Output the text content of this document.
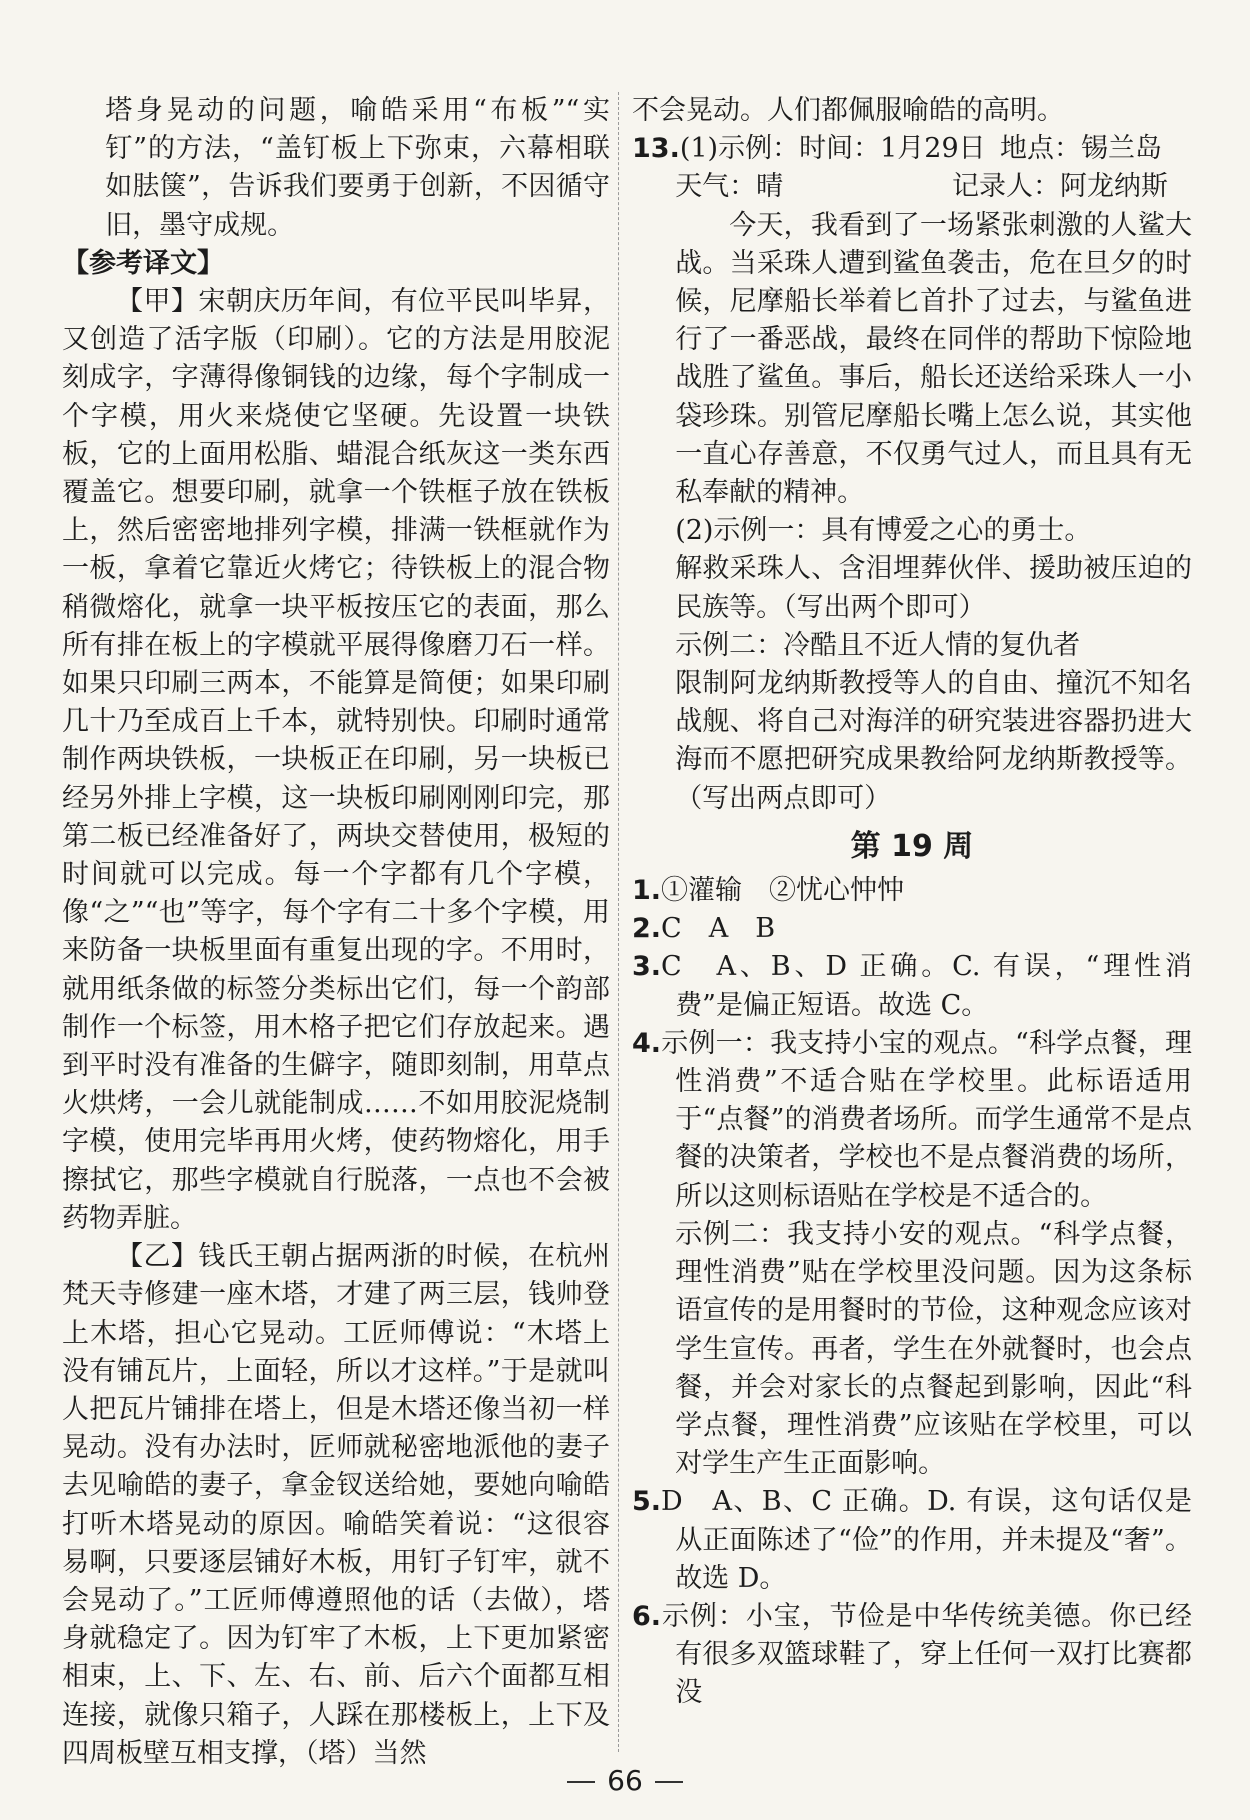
塔身晃动的问题，喻皓采用“布板”“实钉”的方法，“盖钉板上下弥束，六幕相联如胠箧”，告诉我们要勇于创新，不因循守旧，墨守成规。

【参考译文】

【甲】宋朝庆历年间，有位平民叫毕昇，又创造了活字版（印刷）。它的方法是用胶泥刻成字，字薄得像铜钱的边缘，每个字制成一个字模，用火来烧使它坚硬。先设置一块铁板，它的上面用松脂、蜡混合纸灰这一类东西覆盖它。想要印刷，就拿一个铁框子放在铁板上，然后密密地排列字模，排满一铁框就作为一板，拿着它靠近火烤它；待铁板上的混合物稍微熔化，就拿一块平板按压它的表面，那么所有排在板上的字模就平展得像磨刀石一样。如果只印刷三两本，不能算是简便；如果印刷几十乃至成百上千本，就特别快。印刷时通常制作两块铁板，一块板正在印刷，另一块板已经另外排上字模，这一块板印刷刚刚印完，那第二板已经准备好了，两块交替使用，极短的时间就可以完成。每一个字都有几个字模，像“之”“也”等字，每个字有二十多个字模，用来防备一块板里面有重复出现的字。不用时，就用纸条做的标签分类标出它们，每一个韵部制作一个标签，用木格子把它们存放起来。遇到平时没有准备的生僻字，随即刻制，用草点火烘烤，一会儿就能制成……不如用胶泥烧制字模，使用完毕再用火烤，使药物熔化，用手擦拭它，那些字模就自行脱落，一点也不会被药物弄脏。

【乙】钱氏王朝占据两浙的时候，在杭州梵天寺修建一座木塔，才建了两三层，钱帅登上木塔，担心它晃动。工匠师傅说：“木塔上没有铺瓦片，上面轻，所以才这样。”于是就叫人把瓦片铺排在塔上，但是木塔还像当初一样晃动。没有办法时，匠师就秘密地派他的妻子去见喻皓的妻子，拿金钗送给她，要她向喻皓打听木塔晃动的原因。喻皓笑着说：“这很容易啊，只要逐层铺好木板，用钉子钉牢，就不会晃动了。”工匠师傅遵照他的话（去做），塔身就稳定了。因为钉牢了木板，上下更加紧密相束，上、下、左、右、前、后六个面都互相连接，就像只箱子，人踩在那楼板上，上下及四周板壁互相支撑，（塔）当然

不会晃动。人们都佩服喻皓的高明。

13.(1)示例：时间：1月29日 地点：锡兰岛
天气：晴	记录人：阿龙纳斯

今天，我看到了一场紧张刺激的人鲨大战。当采珠人遭到鲨鱼袭击，危在旦夕的时候，尼摩船长举着匕首扑了过去，与鲨鱼进行了一番恶战，最终在同伴的帮助下惊险地战胜了鲨鱼。事后，船长还送给采珠人一小袋珍珠。别管尼摩船长嘴上怎么说，其实他一直心存善意，不仅勇气过人，而且具有无私奉献的精神。

(2)示例一：具有博爱之心的勇士。

解救采珠人、含泪埋葬伙伴、援助被压迫的民族等。（写出两个即可）

示例二：冷酷且不近人情的复仇者

限制阿龙纳斯教授等人的自由、撞沉不知名战舰、将自己对海洋的研究装进容器扔进大海而不愿把研究成果教给阿龙纳斯教授等。（写出两点即可）

第 19 周

1.①灌输　②忧心忡忡

2.C　A　B

3.C　A、B、D 正确。C. 有误，“理性消费”是偏正短语。故选 C。

4.示例一：我支持小宝的观点。“科学点餐，理性消费”不适合贴在学校里。此标语适用于“点餐”的消费者场所。而学生通常不是点餐的决策者，学校也不是点餐消费的场所，所以这则标语贴在学校是不适合的。

示例二：我支持小安的观点。“科学点餐，理性消费”贴在学校里没问题。因为这条标语宣传的是用餐时的节俭，这种观念应该对学生宣传。再者，学生在外就餐时，也会点餐，并会对家长的点餐起到影响，因此“科学点餐，理性消费”应该贴在学校里，可以对学生产生正面影响。

5.D　A、B、C 正确。D. 有误，这句话仅是从正面陈述了“俭”的作用，并未提及“奢”。故选 D。

6.示例：小宝，节俭是中华传统美德。你已经有很多双篮球鞋了，穿上任何一双打比赛都没

66
